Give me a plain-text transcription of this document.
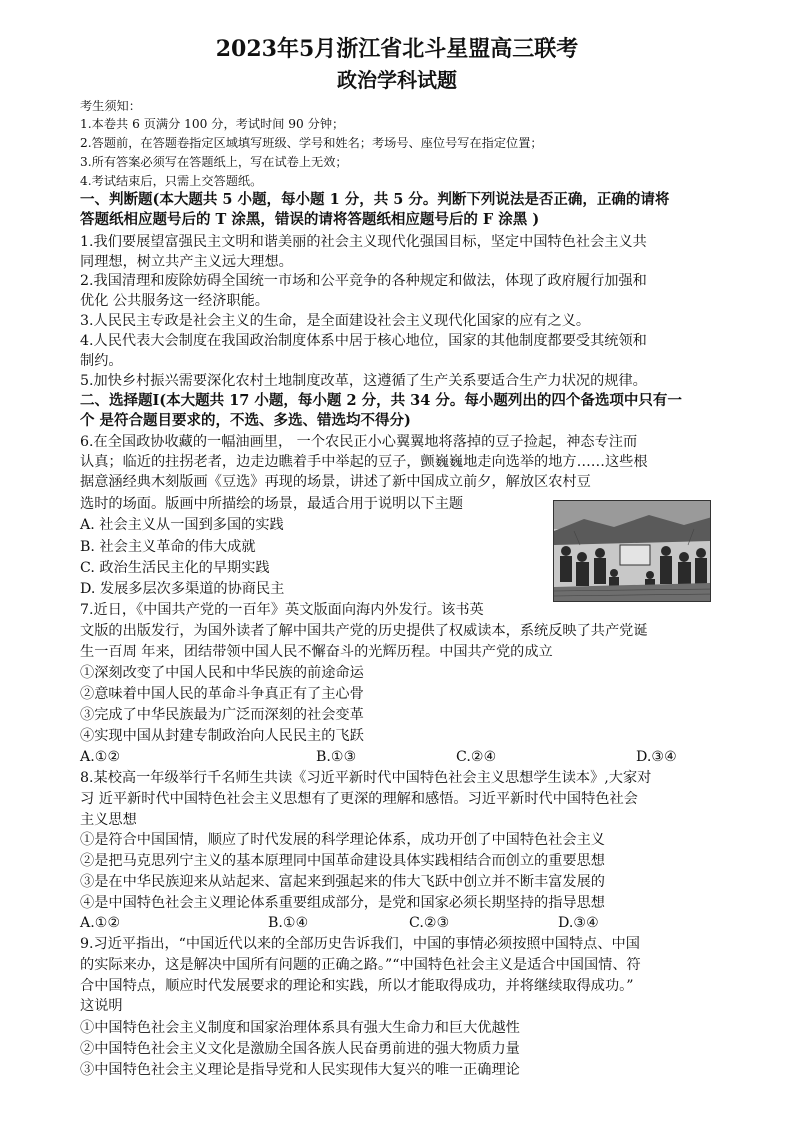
2023年5月浙江省北斗星盟高三联考
政治学科试题
考生须知：
1.本卷共 6 页满分 100 分，考试时间 90 分钟；
2.答题前，在答题卷指定区域填写班级、学号和姓名；考场号、座位号写在指定位置；
3.所有答案必须写在答题纸上，写在试卷上无效；
4.考试结束后，只需上交答题纸。
一、判断题(本大题共 5 小题，每小题 1 分，共 5 分。判断下列说法是否正确，正确的请将
答题纸相应题号后的 T 涂黑，错误的请将答题纸相应题号后的 F 涂黑 )
1.我们要展望富强民主文明和谐美丽的社会主义现代化强国目标，坚定中国特色社会主义共
同理想，树立共产主义远大理想。
2.我国清理和废除妨碍全国统一市场和公平竞争的各种规定和做法，体现了政府履行加强和
优化 公共服务这一经济职能。
3.人民民主专政是社会主义的生命，是全面建设社会主义现代化国家的应有之义。
4.人民代表大会制度在我国政治制度体系中居于核心地位，国家的其他制度都要受其统领和
制约。
5.加快乡村振兴需要深化农村土地制度改革，这遵循了生产关系要适合生产力状况的规律。
二、选择题I(本大题共 17 小题，每小题 2 分，共 34 分。每小题列出的四个备选项中只有一
个 是符合题目要求的，不选、多选、错选均不得分)
6.在全国政协收藏的一幅油画里， 一个农民正小心翼翼地将落掉的豆子捡起，神态专注而
认真；临近的拄拐老者，边走边瞧着手中举起的豆子，颤巍巍地走向选举的地方……这些根
据意涵经典木刻版画《豆选》再现的场景，讲述了新中国成立前夕，解放区农村豆
选时的场面。版画中所描绘的场景，最适合用于说明以下主题
A. 社会主义从一国到多国的实践
B. 社会主义革命的伟大成就
C. 政治生活民主化的早期实践
D. 发展多层次多渠道的协商民主
7.近日，《中国共产党的一百年》英文版面向海内外发行。该书英
文版的出版发行，为国外读者了解中国共产党的历史提供了权威读本，系统反映了共产党诞
生一百周 年来，团结带领中国人民不懈奋斗的光辉历程。中国共产党的成立
①深刻改变了中国人民和中华民族的前途命运
②意味着中国人民的革命斗争真正有了主心骨
③完成了中华民族最为广泛而深刻的社会变革
④实现中国从封建专制政治向人民民主的飞跃
A.①②	B.①③	C.②④	D.③④
8.某校高一年级举行千名师生共读《习近平新时代中国特色社会主义思想学生读本》,大家对
习 近平新时代中国特色社会主义思想有了更深的理解和感悟。习近平新时代中国特色社会
主义思想
①是符合中国国情，顺应了时代发展的科学理论体系，成功开创了中国特色社会主义
②是把马克思列宁主义的基本原理同中国革命建设具体实践相结合而创立的重要思想
③是在中华民族迎来从站起来、富起来到强起来的伟大飞跃中创立并不断丰富发展的
④是中国特色社会主义理论体系重要组成部分，是党和国家必须长期坚持的指导思想
A.①②	B.①④	C.②③	D.③④
9.习近平指出，“中国近代以来的全部历史告诉我们，中国的事情必须按照中国特点、中国
的实际来办，这是解决中国所有问题的正确之路。”“中国特色社会主义是适合中国国情、符
合中国特点，顺应时代发展要求的理论和实践，所以才能取得成功，并将继续取得成功。”
这说明
①中国特色社会主义制度和国家治理体系具有强大生命力和巨大优越性
②中国特色社会主义文化是激励全国各族人民奋勇前进的强大物质力量
③中国特色社会主义理论是指导党和人民实现伟大复兴的唯一正确理论
